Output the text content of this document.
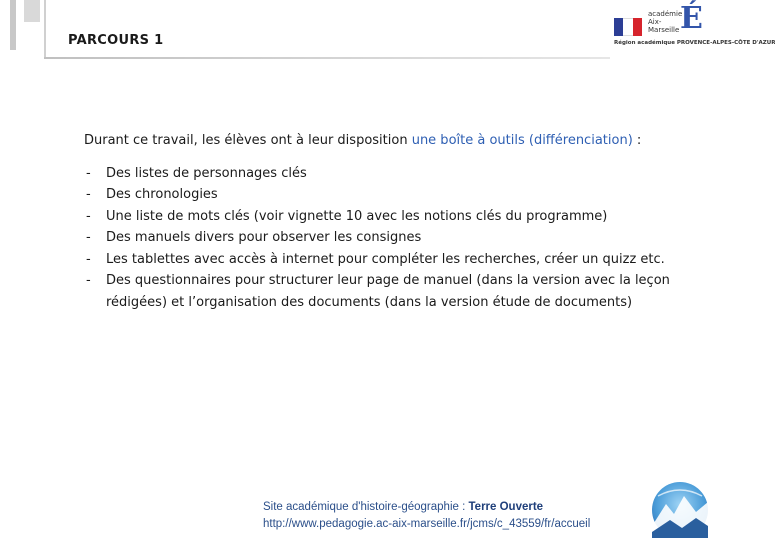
PARCOURS 1
académie Aix-Marseille É
Région académique PROVENCE-ALPES-CÔTE D'AZUR

Durant ce travail, les élèves ont à leur disposition une boîte à outils (différenciation) :

- Des listes de personnages clés
- Des chronologies
- Une liste de mots clés (voir vignette 10 avec les notions clés du programme)
- Des manuels divers pour observer les consignes
- Les tablettes avec accès à internet pour compléter les recherches, créer un quizz etc.
- Des questionnaires pour structurer leur page de manuel (dans la version avec la leçon rédigées) et l’organisation des documents (dans la version étude de documents)
Site académique d'histoire-géographie : Terre Ouverte
http://www.pedagogie.ac-aix-marseille.fr/jcms/c_43559/fr/accueil
